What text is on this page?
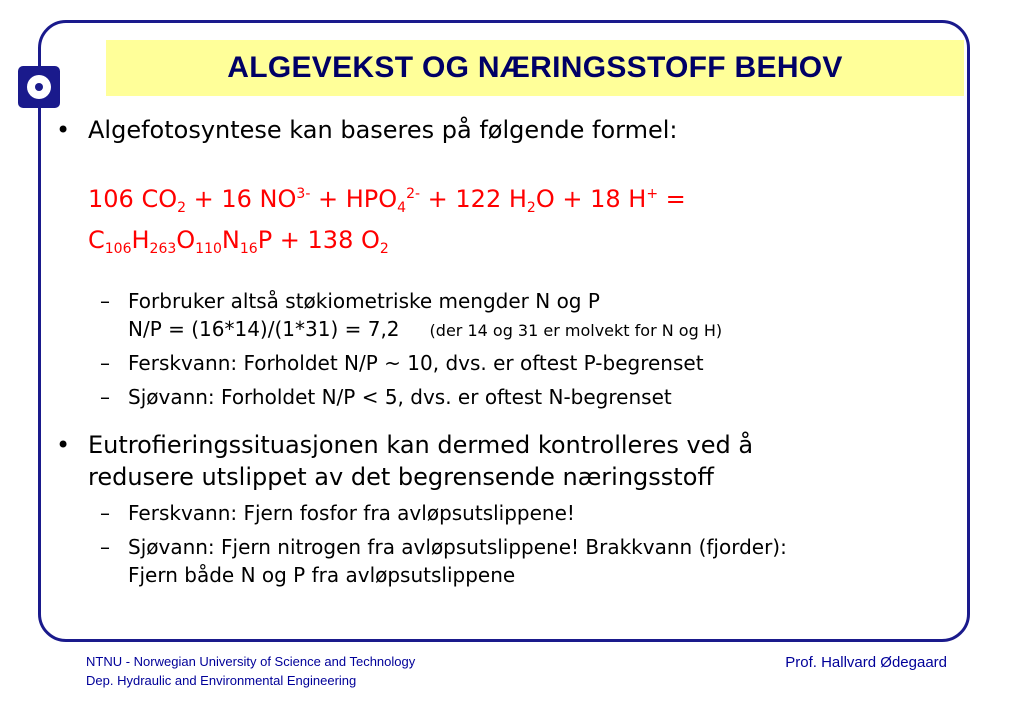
ALGEVEKST OG NÆRINGSSTOFF BEHOV
• Algefotosyntese kan baseres på følgende formel:
106 $CO_2 + 16$ $NO^{3-} + HPO_4^{2-} + 122$ $H_2O + 18$ H+ =
$C_{106}H_{263}O_{110}N_{16}P + 138$ $O_2$
– Forbruker altså støkiometriske mengder N og P
N/P = (16*14)/(1*31) = 7,2 (der 14 og 31 er molvekt for N og H)
– Ferskvann: Forholdet N/P ~ 10, dvs. er oftest P-begrenset
– Sjøvann: Forholdet N/P < 5, dvs. er oftest N-begrenset
• Eutrofieringssituasjonen kan dermed kontrolleres ved å
redusere utslippet av det begrensende næringsstoff
– Ferskvann: Fjern fosfor fra avløpsutslippene!
– Sjøvann: Fjern nitrogen fra avløpsutslippene! Brakkvann (fjorder):
Fjern både N og P fra avløpsutslippene
NTNU - Norwegian University of Science and Technology
Dep. Hydraulic and Environmental Engineering
Prof. Hallvard Ødegaard
